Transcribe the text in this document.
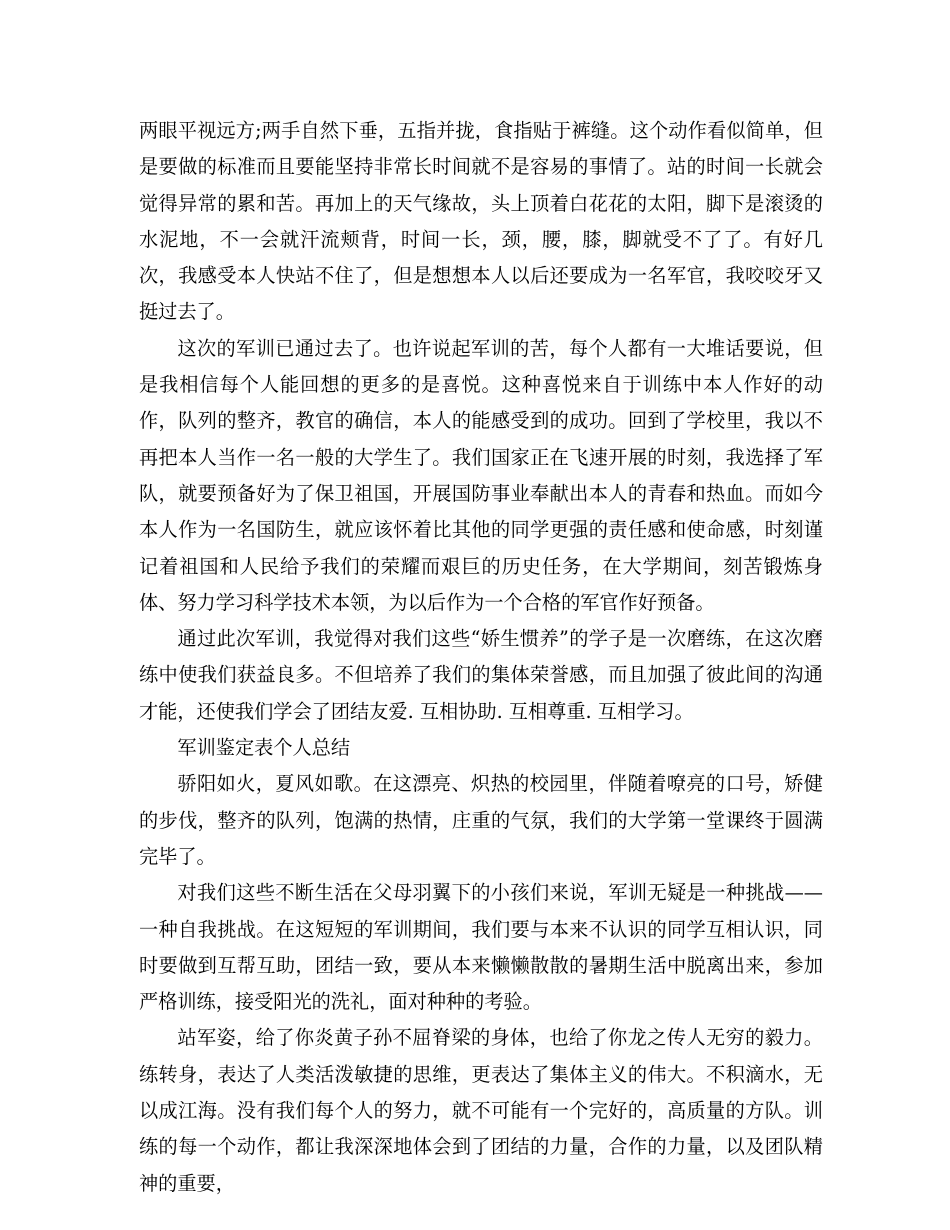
两眼平视远方;两手自然下垂，五指并拢，食指贴于裤缝。这个动作看似简单，但是要做的标准而且要能坚持非常长时间就不是容易的事情了。站的时间一长就会觉得异常的累和苦。再加上的天气缘故，头上顶着白花花的太阳，脚下是滚烫的水泥地，不一会就汗流颊背，时间一长，颈，腰，膝，脚就受不了了。有好几次，我感受本人快站不住了，但是想想本人以后还要成为一名军官，我咬咬牙又挺过去了。

这次的军训已通过去了。也许说起军训的苦，每个人都有一大堆话要说，但是我相信每个人能回想的更多的是喜悦。这种喜悦来自于训练中本人作好的动作，队列的整齐，教官的确信，本人的能感受到的成功。回到了学校里，我以不再把本人当作一名一般的大学生了。我们国家正在飞速开展的时刻，我选择了军队，就要预备好为了保卫祖国，开展国防事业奉献出本人的青春和热血。而如今本人作为一名国防生，就应该怀着比其他的同学更强的责任感和使命感，时刻谨记着祖国和人民给予我们的荣耀而艰巨的历史任务，在大学期间，刻苦锻炼身体、努力学习科学技术本领，为以后作为一个合格的军官作好预备。

通过此次军训，我觉得对我们这些“娇生惯养”的学子是一次磨练，在这次磨练中使我们获益良多。不但培养了我们的集体荣誉感，而且加强了彼此间的沟通才能，还使我们学会了团结友爱. 互相协助. 互相尊重. 互相学习。

军训鉴定表个人总结

骄阳如火，夏风如歌。在这漂亮、炽热的校园里，伴随着嘹亮的口号，矫健的步伐，整齐的队列，饱满的热情，庄重的气氛，我们的大学第一堂课终于圆满完毕了。

对我们这些不断生活在父母羽翼下的小孩们来说，军训无疑是一种挑战——一种自我挑战。在这短短的军训期间，我们要与本来不认识的同学互相认识，同时要做到互帮互助，团结一致，要从本来懒懒散散的暑期生活中脱离出来，参加严格训练，接受阳光的洗礼，面对种种的考验。

站军姿，给了你炎黄子孙不屈脊梁的身体，也给了你龙之传人无穷的毅力。练转身，表达了人类活泼敏捷的思维，更表达了集体主义的伟大。不积滴水，无以成江海。没有我们每个人的努力，就不可能有一个完好的，高质量的方队。训练的每一个动作，都让我深深地体会到了团结的力量，合作的力量，以及团队精神的重要，
